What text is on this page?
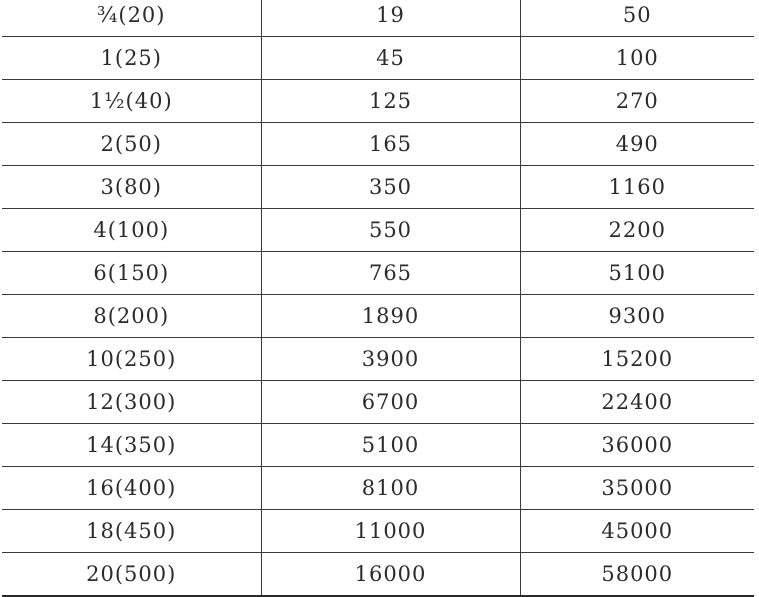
¾(20)	19	50
1(25)	45	100
1½(40)	125	270
2(50)	165	490
3(80)	350	1160
4(100)	550	2200
6(150)	765	5100
8(200)	1890	9300
10(250)	3900	15200
12(300)	6700	22400
14(350)	5100	36000
16(400)	8100	35000
18(450)	11000	45000
20(500)	16000	58000
